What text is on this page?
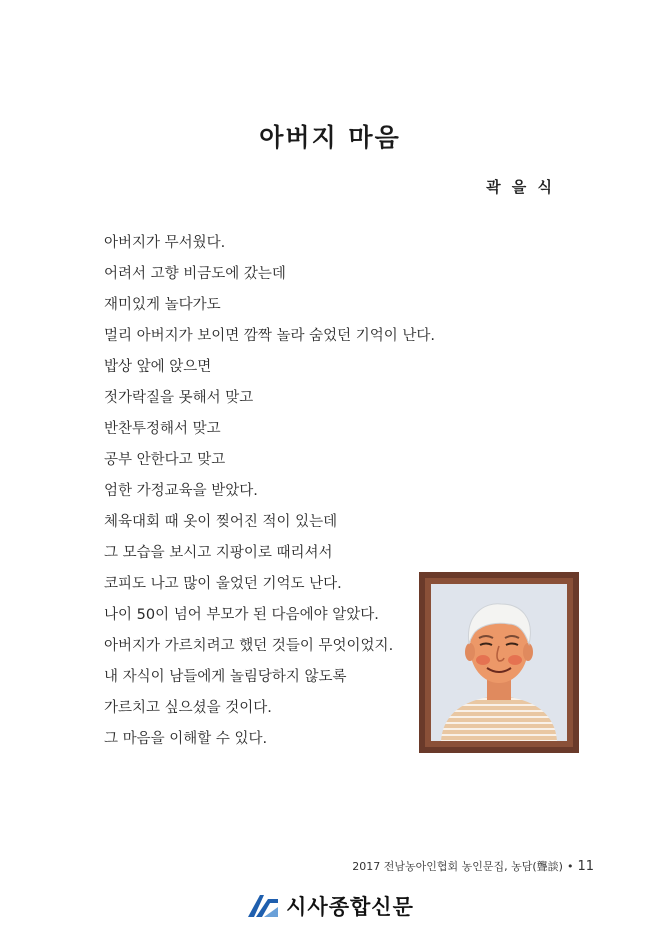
아버지 마음
곽 을 식
아버지가 무서웠다.
어려서 고향 비금도에 갔는데
재미있게 놀다가도
멀리 아버지가 보이면 깜짝 놀라 숨었던 기억이 난다.
밥상 앞에 앉으면
젓가락질을 못해서 맞고
반찬투정해서 맞고
공부 안한다고 맞고
엄한 가정교육을 받았다.
체육대회 때 옷이 찢어진 적이 있는데
그 모습을 보시고 지팡이로 때리셔서
코피도 나고 많이 울었던 기억도 난다.
나이 50이 넘어 부모가 된 다음에야 알았다.
아버지가 가르치려고 했던 것들이 무엇이었지.
내 자식이 남들에게 놀림당하지 않도록
가르치고 싶으셨을 것이다.
그 마음을 이해할 수 있다.
2017 전남농아인협회 농인문집, 농담(聾談) • 11
시사종합신문
